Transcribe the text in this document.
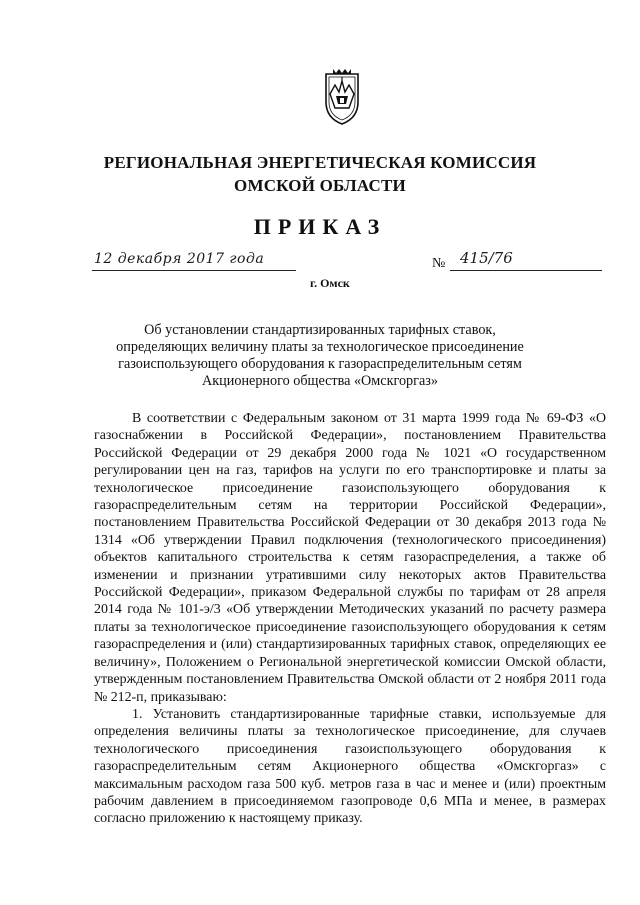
РЕГИОНАЛЬНАЯ ЭНЕРГЕТИЧЕСКАЯ КОМИССИЯ
ОМСКОЙ ОБЛАСТИ
ПРИКАЗ
12 декабря 2017 года	№ 415/76
г. Омск
Об установлении стандартизированных тарифных ставок,
определяющих величину платы за технологическое присоединение
газоиспользующего оборудования к газораспределительным сетям
Акционерного общества «Омскгоргаз»

В соответствии с Федеральным законом от 31 марта 1999 года № 69-ФЗ «О газоснабжении в Российской Федерации», постановлением Правительства Российской Федерации от 29 декабря 2000 года № 1021 «О государственном регулировании цен на газ, тарифов на услуги по его транспортировке и платы за технологическое присоединение газоиспользующего оборудования к газораспределительным сетям на территории Российской Федерации», постановлением Правительства Российской Федерации от 30 декабря 2013 года № 1314 «Об утверждении Правил подключения (технологического присоединения) объектов капитального строительства к сетям газораспределения, а также об изменении и признании утратившими силу некоторых актов Правительства Российской Федерации», приказом Федеральной службы по тарифам от 28 апреля 2014 года № 101-э/3 «Об утверждении Методических указаний по расчету размера платы за технологическое присоединение газоиспользующего оборудования к сетям газораспределения и (или) стандартизированных тарифных ставок, определяющих ее величину», Положением о Региональной энергетической комиссии Омской области, утвержденным постановлением Правительства Омской области от 2 ноября 2011 года № 212-п, приказываю:

1. Установить стандартизированные тарифные ставки, используемые для определения величины платы за технологическое присоединение, для случаев технологического присоединения газоиспользующего оборудования к газораспределительным сетям Акционерного общества «Омскгоргаз» с максимальным расходом газа 500 куб. метров газа в час и менее и (или) проектным рабочим давлением в присоединяемом газопроводе 0,6 МПа и менее, в размерах согласно приложению к настоящему приказу.
